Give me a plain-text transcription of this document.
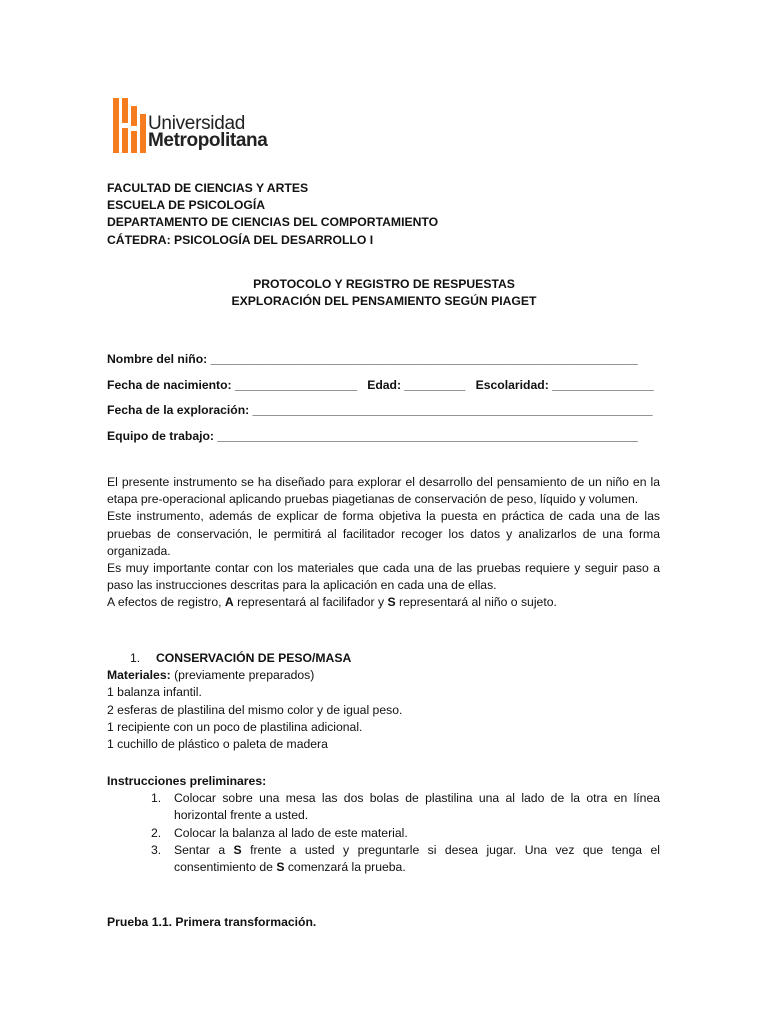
Universidad
Metropolitana
FACULTAD DE CIENCIAS Y ARTES
ESCUELA DE PSICOLOGÍA
DEPARTAMENTO DE CIENCIAS DEL COMPORTAMIENTO
CÁTEDRA: PSICOLOGÍA DEL DESARROLLO I
PROTOCOLO Y REGISTRO DE RESPUESTAS
EXPLORACIÓN DEL PENSAMIENTO SEGÚN PIAGET
Nombre del niño: _______________________________________________________________
Fecha de nacimiento: __________________ Edad: _________ Escolaridad: _______________
Fecha de la exploración: ___________________________________________________________
Equipo de trabajo: ______________________________________________________________

El presente instrumento se ha diseñado para explorar el desarrollo del pensamiento de un niño en la etapa pre-operacional aplicando pruebas piagetianas de conservación de peso, líquido y volumen.

Este instrumento, además de explicar de forma objetiva la puesta en práctica de cada una de las pruebas de conservación, le permitirá al facilitador recoger los datos y analizarlos de una forma organizada.

Es muy importante contar con los materiales que cada una de las pruebas requiere y seguir paso a paso las instrucciones descritas para la aplicación en cada una de ellas.

A efectos de registro, A representará al facilifador y S representará al niño o sujeto.

1. CONSERVACIÓN DE PESO/MASA

Materiales: (previamente preparados)

1 balanza infantil.

2 esferas de plastilina del mismo color y de igual peso.

1 recipiente con un poco de plastilina adicional.

1 cuchillo de plástico o paleta de madera

Instrucciones preliminares:
1. Colocar sobre una mesa las dos bolas de plastilina una al lado de la otra en línea horizontal frente a usted.
2. Colocar la balanza al lado de este material.
3. Sentar a S frente a usted y preguntarle si desea jugar. Una vez que tenga el consentimiento de S comenzará la prueba.
Prueba 1.1. Primera transformación.
